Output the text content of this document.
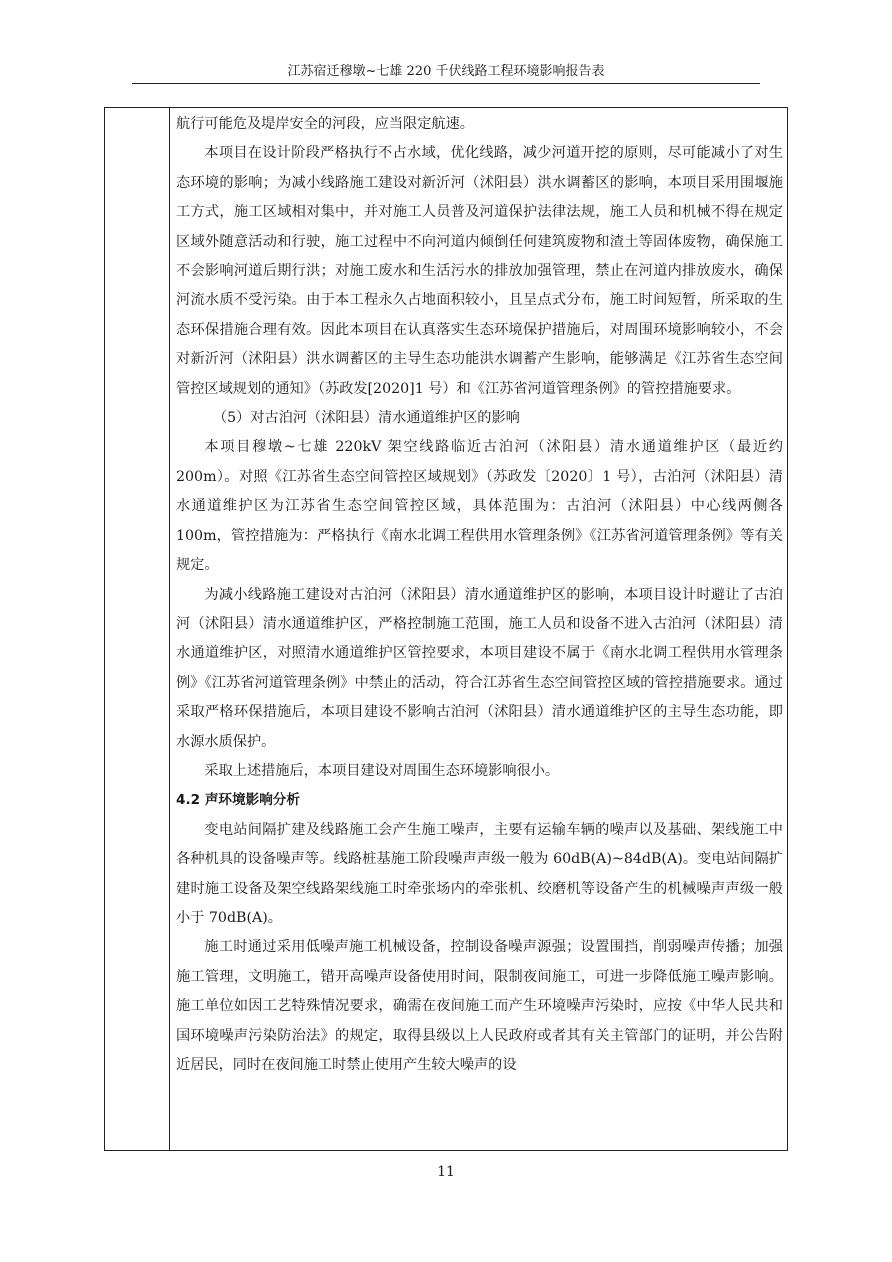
江苏宿迁穆墩~七雄 220 千伏线路工程环境影响报告表

航行可能危及堤岸安全的河段，应当限定航速。

本项目在设计阶段严格执行不占水域，优化线路，减少河道开挖的原则，尽可能减小了对生态环境的影响；为减小线路施工建设对新沂河（沭阳县）洪水调蓄区的影响，本项目采用围堰施工方式，施工区域相对集中，并对施工人员普及河道保护法律法规，施工人员和机械不得在规定区域外随意活动和行驶，施工过程中不向河道内倾倒任何建筑废物和渣土等固体废物，确保施工不会影响河道后期行洪；对施工废水和生活污水的排放加强管理，禁止在河道内排放废水，确保河流水质不受污染。由于本工程永久占地面积较小，且呈点式分布，施工时间短暂，所采取的生态环保措施合理有效。因此本项目在认真落实生态环境保护措施后，对周围环境影响较小，不会对新沂河（沭阳县）洪水调蓄区的主导生态功能洪水调蓄产生影响，能够满足《江苏省生态空间管控区域规划的通知》（苏政发[2020]1 号）和《江苏省河道管理条例》的管控措施要求。

（5）对古泊河（沭阳县）清水通道维护区的影响

本项目穆墩~七雄 220kV 架空线路临近古泊河（沭阳县）清水通道维护区（最近约 200m）。对照《江苏省生态空间管控区域规划》（苏政发〔2020〕1 号），古泊河（沭阳县）清水通道维护区为江苏省生态空间管控区域，具体范围为：古泊河（沭阳县）中心线两侧各 100m，管控措施为：严格执行《南水北调工程供用水管理条例》《江苏省河道管理条例》等有关规定。

为减小线路施工建设对古泊河（沭阳县）清水通道维护区的影响，本项目设计时避让了古泊河（沭阳县）清水通道维护区，严格控制施工范围，施工人员和设备不进入古泊河（沭阳县）清水通道维护区，对照清水通道维护区管控要求，本项目建设不属于《南水北调工程供用水管理条例》《江苏省河道管理条例》中禁止的活动，符合江苏省生态空间管控区域的管控措施要求。通过采取严格环保措施后，本项目建设不影响古泊河（沭阳县）清水通道维护区的主导生态功能，即水源水质保护。

采取上述措施后，本项目建设对周围生态环境影响很小。

4.2 声环境影响分析

变电站间隔扩建及线路施工会产生施工噪声，主要有运输车辆的噪声以及基础、架线施工中各种机具的设备噪声等。线路桩基施工阶段噪声声级一般为 60dB(A)~84dB(A)。变电站间隔扩建时施工设备及架空线路架线施工时牵张场内的牵张机、绞磨机等设备产生的机械噪声声级一般小于 70dB(A)。

施工时通过采用低噪声施工机械设备，控制设备噪声源强；设置围挡，削弱噪声传播；加强施工管理，文明施工，错开高噪声设备使用时间，限制夜间施工，可进一步降低施工噪声影响。施工单位如因工艺特殊情况要求，确需在夜间施工而产生环境噪声污染时，应按《中华人民共和国环境噪声污染防治法》的规定，取得县级以上人民政府或者其有关主管部门的证明，并公告附近居民，同时在夜间施工时禁止使用产生较大噪声的设

11
